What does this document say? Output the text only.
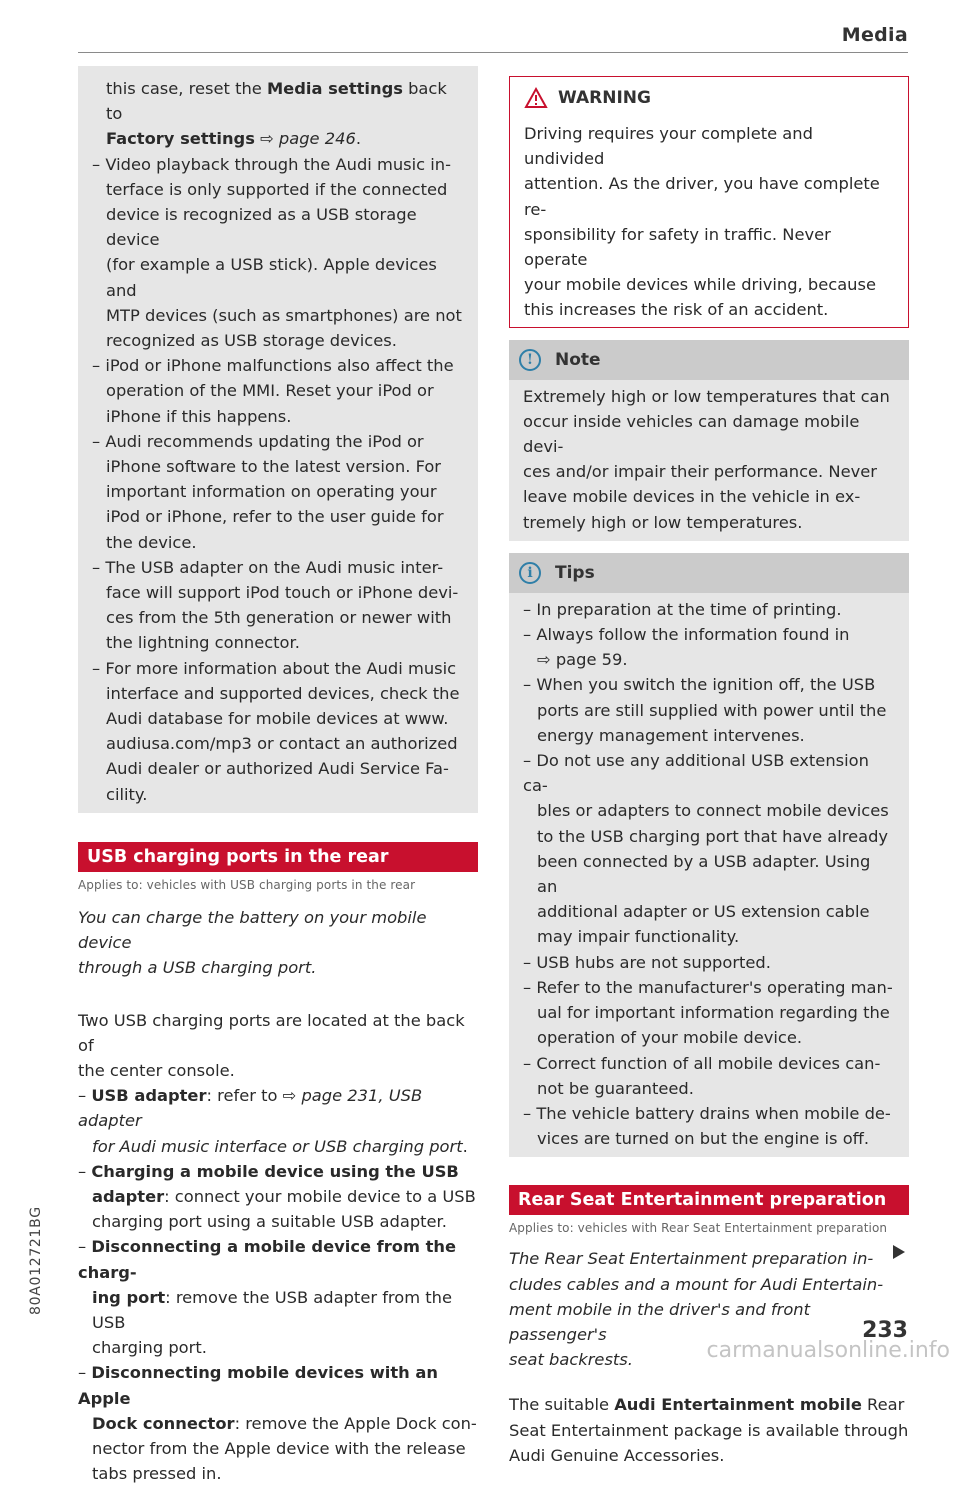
Media
this case, reset the Media settings back to
Factory settings ⇨ page 246.
– Video playback through the Audi music in-
terface is only supported if the connected
device is recognized as a USB storage device
(for example a USB stick). Apple devices and
MTP devices (such as smartphones) are not
recognized as USB storage devices.
– iPod or iPhone malfunctions also affect the
operation of the MMI. Reset your iPod or
iPhone if this happens.
– Audi recommends updating the iPod or
iPhone software to the latest version. For
important information on operating your
iPod or iPhone, refer to the user guide for
the device.
– The USB adapter on the Audi music inter-
face will support iPod touch or iPhone devi-
ces from the 5th generation or newer with
the lightning connector.
– For more information about the Audi music
interface and supported devices, check the
Audi database for mobile devices at www.
audiusa.com/mp3 or contact an authorized
Audi dealer or authorized Audi Service Fa-
cility.
USB charging ports in the rear
Applies to: vehicles with USB charging ports in the rear
You can charge the battery on your mobile device
through a USB charging port.
Two USB charging ports are located at the back of
the center console.
– USB adapter: refer to ⇨ page 231, USB adapter
for Audi music interface or USB charging port.
– Charging a mobile device using the USB
adapter: connect your mobile device to a USB
charging port using a suitable USB adapter.
– Disconnecting a mobile device from the charg-
ing port: remove the USB adapter from the USB
charging port.
– Disconnecting mobile devices with an Apple
Dock connector: remove the Apple Dock con-
nector from the Apple device with the release
tabs pressed in.
WARNING
Driving requires your complete and undivided
attention. As the driver, you have complete re-
sponsibility for safety in traffic. Never operate
your mobile devices while driving, because
this increases the risk of an accident.
!	Note
Extremely high or low temperatures that can
occur inside vehicles can damage mobile devi-
ces and/or impair their performance. Never
leave mobile devices in the vehicle in ex-
tremely high or low temperatures.
i	Tips
– In preparation at the time of printing.
– Always follow the information found in
⇨ page 59.
– When you switch the ignition off, the USB
ports are still supplied with power until the
energy management intervenes.
– Do not use any additional USB extension ca-
bles or adapters to connect mobile devices
to the USB charging port that have already
been connected by a USB adapter. Using an
additional adapter or US extension cable
may impair functionality.
– USB hubs are not supported.
– Refer to the manufacturer's operating man-
ual for important information regarding the
operation of your mobile device.
– Correct function of all mobile devices can-
not be guaranteed.
– The vehicle battery drains when mobile de-
vices are turned on but the engine is off.
Rear Seat Entertainment preparation
Applies to: vehicles with Rear Seat Entertainment preparation
The Rear Seat Entertainment preparation in-
cludes cables and a mount for Audi Entertain-
ment mobile in the driver's and front passenger's
seat backrests.
The suitable Audi Entertainment mobile Rear
Seat Entertainment package is available through
Audi Genuine Accessories.
233
80A012721BG
carmanualsonline.info
